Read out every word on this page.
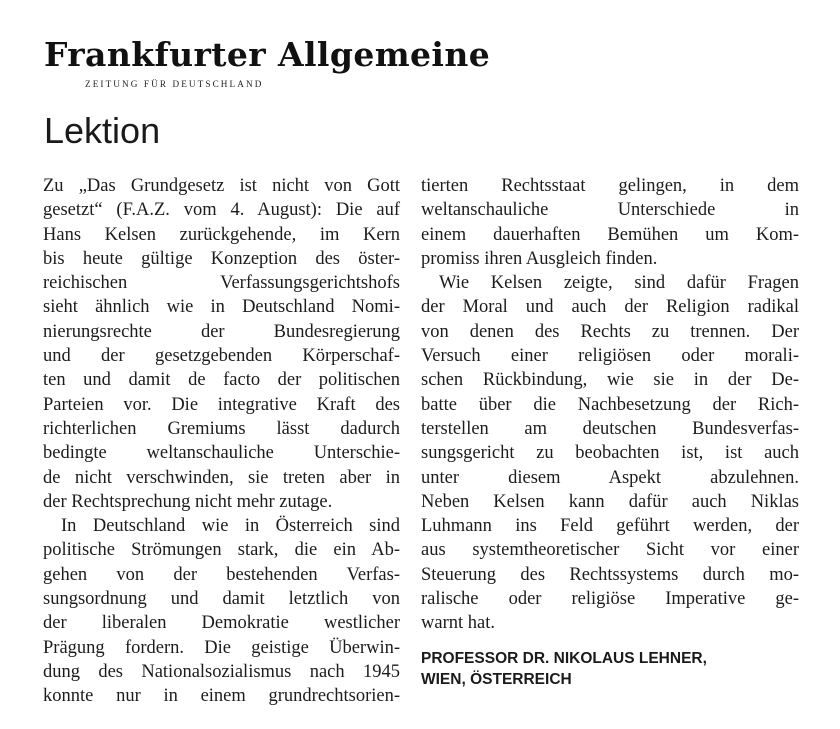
Frankfurter Allgemeine
ZEITUNG FÜR DEUTSCHLAND
Lektion
Zu „Das Grundgesetz ist nicht von Gott
gesetzt“ (F.A.Z. vom 4. August): Die auf
Hans Kelsen zurückgehende, im Kern
bis heute gültige Konzeption des öster-
reichischen Verfassungsgerichtshofs
sieht ähnlich wie in Deutschland Nomi-
nierungsrechte der Bundesregierung
und der gesetzgebenden Körperschaf-
ten und damit de facto der politischen
Parteien vor. Die integrative Kraft des
richterlichen Gremiums lässt dadurch
bedingte weltanschauliche Unterschie-
de nicht verschwinden, sie treten aber in
der Rechtsprechung nicht mehr zutage.
In Deutschland wie in Österreich sind
politische Strömungen stark, die ein Ab-
gehen von der bestehenden Verfas-
sungsordnung und damit letztlich von
der liberalen Demokratie westlicher
Prägung fordern. Die geistige Überwin-
dung des Nationalsozialismus nach 1945
konnte nur in einem grundrechtsorien-
tierten Rechtsstaat gelingen, in dem
weltanschauliche Unterschiede in
einem dauerhaften Bemühen um Kom-
promiss ihren Ausgleich finden.
Wie Kelsen zeigte, sind dafür Fragen
der Moral und auch der Religion radikal
von denen des Rechts zu trennen. Der
Versuch einer religiösen oder morali-
schen Rückbindung, wie sie in der De-
batte über die Nachbesetzung der Rich-
terstellen am deutschen Bundesverfas-
sungsgericht zu beobachten ist, ist auch
unter diesem Aspekt abzulehnen.
Neben Kelsen kann dafür auch Niklas
Luhmann ins Feld geführt werden, der
aus systemtheoretischer Sicht vor einer
Steuerung des Rechtssystems durch mo-
ralische oder religiöse Imperative ge-
warnt hat.
PROFESSOR DR. NIKOLAUS LEHNER,
WIEN, ÖSTERREICH
